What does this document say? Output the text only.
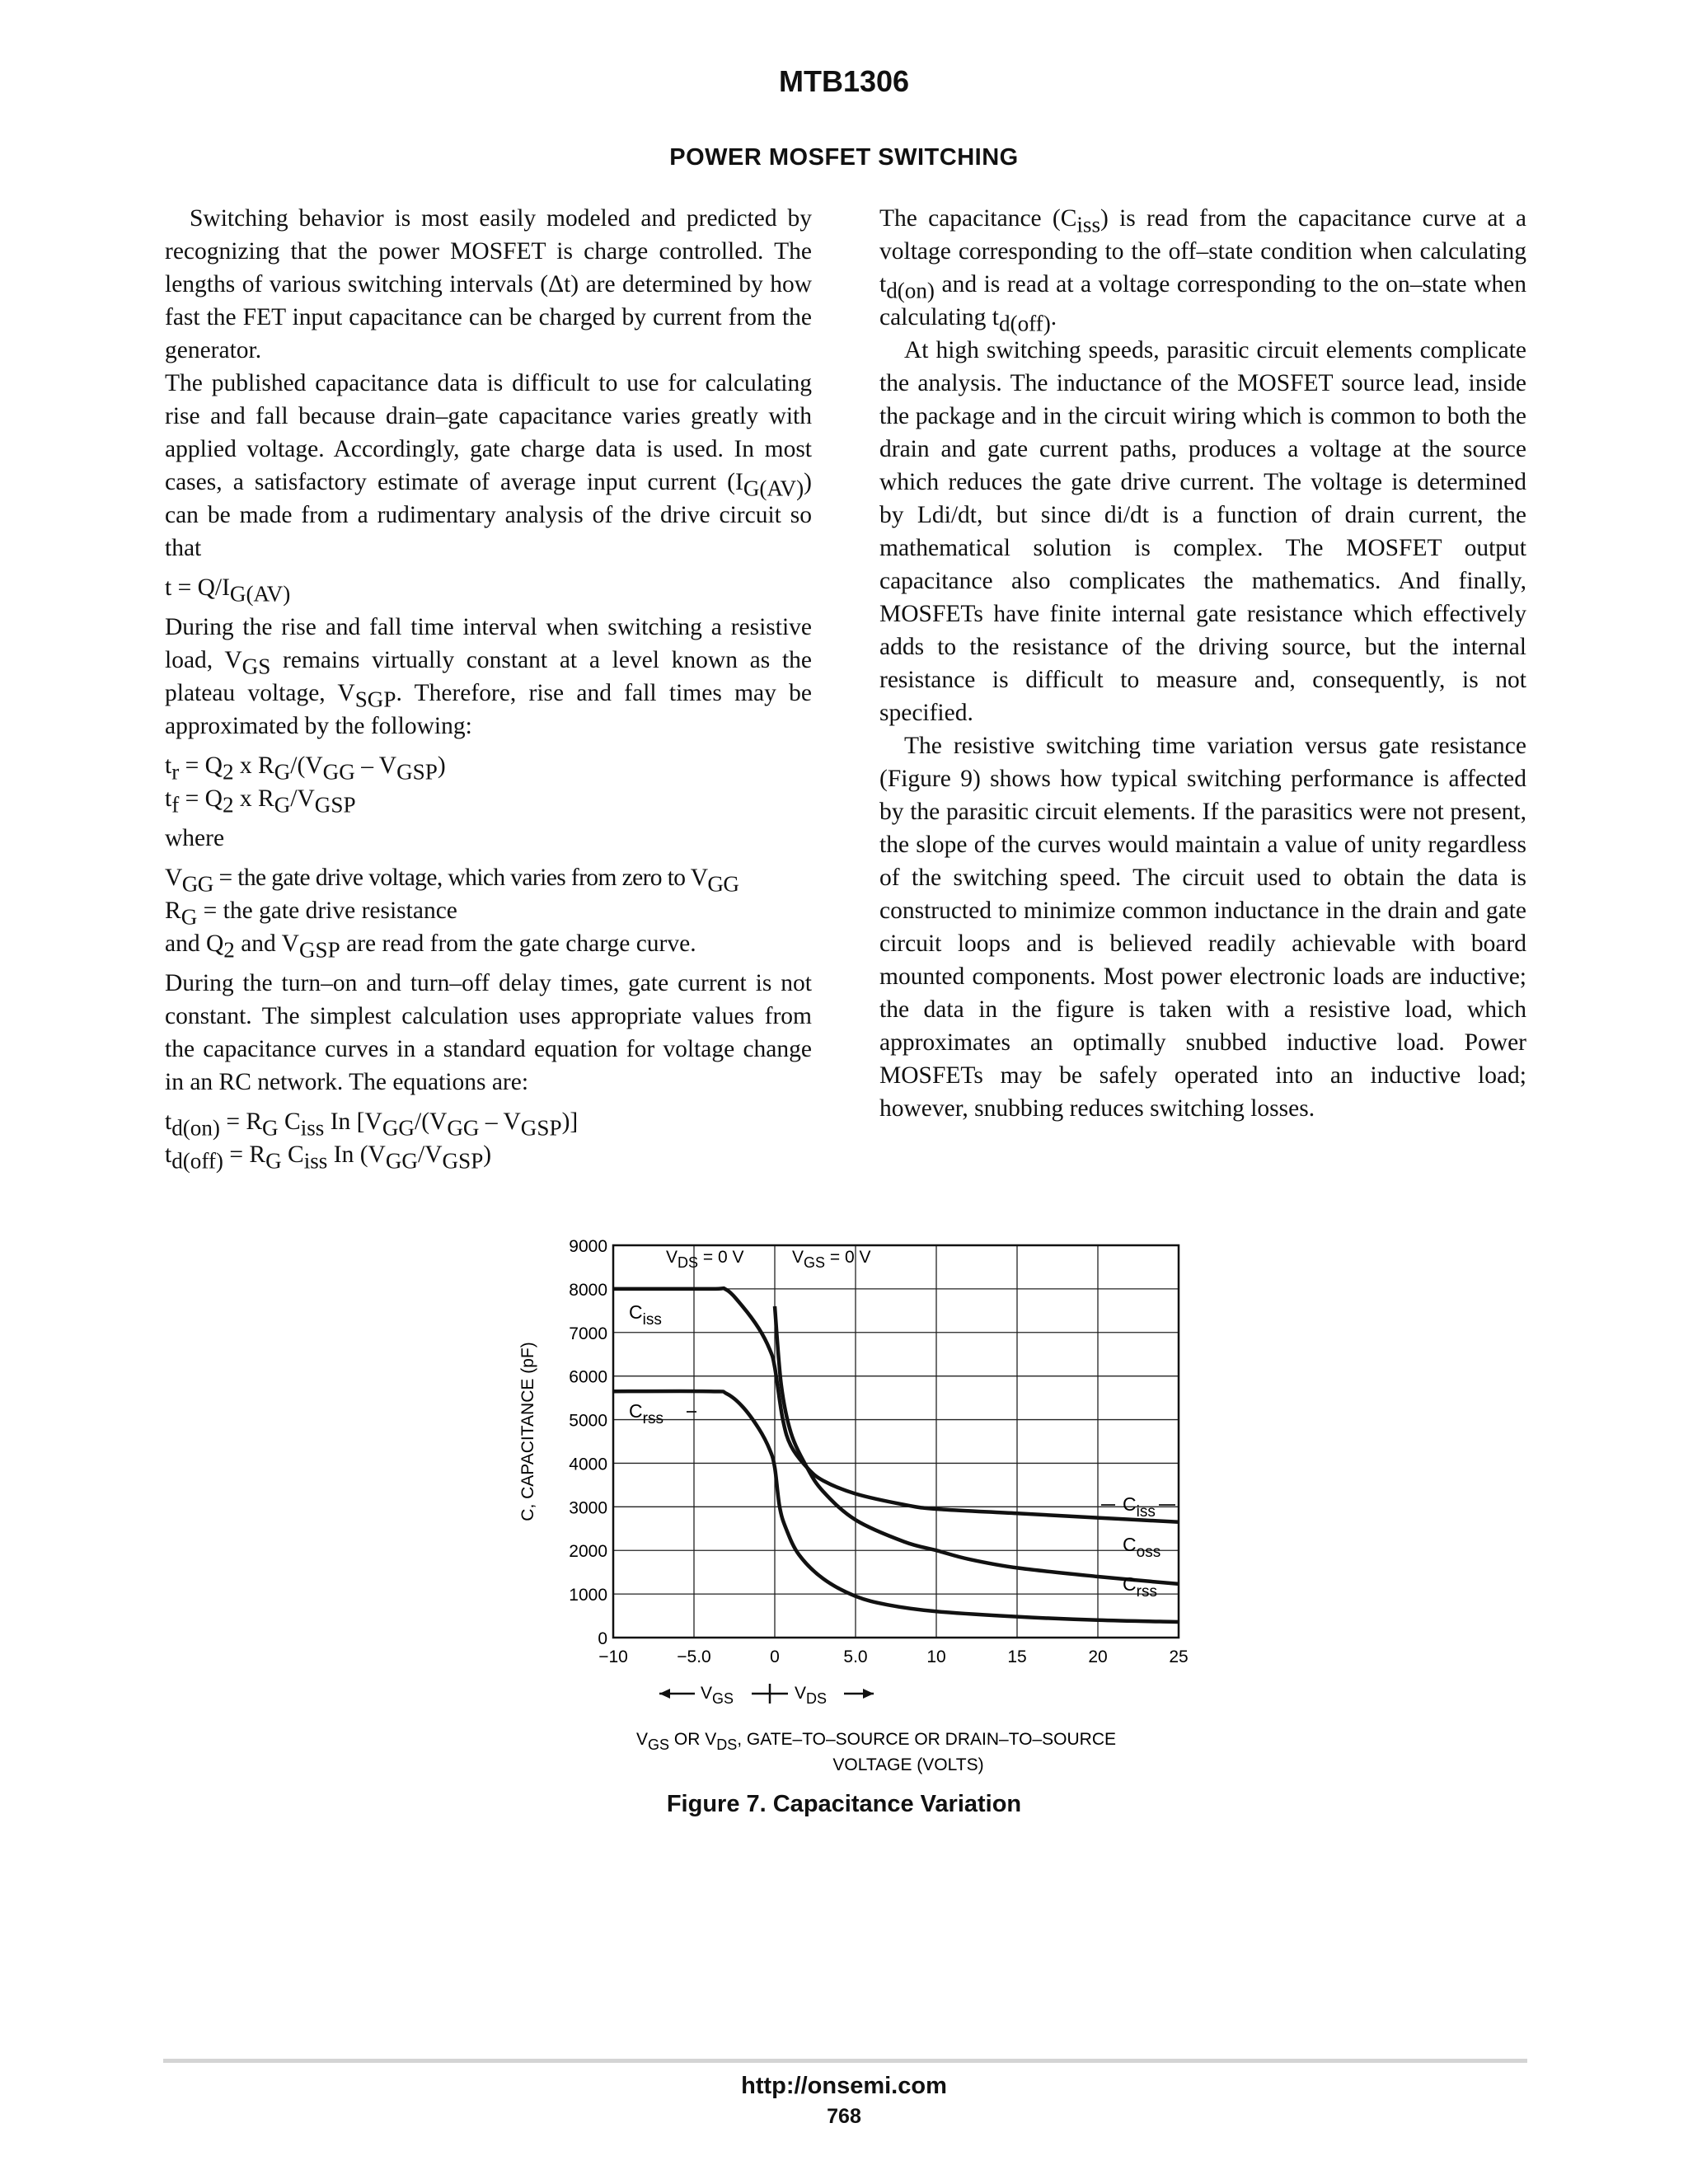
MTB1306
POWER MOSFET SWITCHING

Switching behavior is most easily modeled and predicted by recognizing that the power MOSFET is charge controlled. The lengths of various switching intervals (Δt) are determined by how fast the FET input capacitance can be charged by current from the generator.

The published capacitance data is difficult to use for calculating rise and fall because drain–gate capacitance varies greatly with applied voltage. Accordingly, gate charge data is used. In most cases, a satisfactory estimate of average input current $(I_{G(AV)})$ can be made from a rudimentary analysis of the drive circuit so that

$t = Q/I_{G(AV)}$

During the rise and fall time interval when switching a resistive load, $V_{GS}$ remains virtually constant at a level known as the plateau voltage, $V_{SGP}$. Therefore, rise and fall times may be approximated by the following:

$t_r = Q_2$ x $R_G/(V_{GG} - V_{GSP})$

$t_f = Q_2$ x $R_G/V_{GSP}$

where

$V_{GG}$ = the gate drive voltage, which varies from zero to $V_{GG}$

$R_G$ = the gate drive resistance

and $Q_2$ and $V_{GSP}$ are read from the gate charge curve.

During the turn–on and turn–off delay times, gate current is not constant. The simplest calculation uses appropriate values from the capacitance curves in a standard equation for voltage change in an RC network. The equations are:

$t_{d(on)} = R_G$ $C_{iss}$ In $[V_{GG}/(V_{GG} - V_{GSP})]$

$t_{d(off)} = R_G$ $C_{iss}$ In $(V_{GG}/V_{GSP})$

The capacitance $(C_{iss})$ is read from the capacitance curve at a voltage corresponding to the off–state condition when calculating $t_{d(on)}$ and is read at a voltage corresponding to the on–state when calculating $t_{d(off)}$.

At high switching speeds, parasitic circuit elements complicate the analysis. The inductance of the MOSFET source lead, inside the package and in the circuit wiring which is common to both the drain and gate current paths, produces a voltage at the source which reduces the gate drive current. The voltage is determined by Ldi/dt, but since di/dt is a function of drain current, the mathematical solution is complex. The MOSFET output capacitance also complicates the mathematics. And finally, MOSFETs have finite internal gate resistance which effectively adds to the resistance of the driving source, but the internal resistance is difficult to measure and, consequently, is not specified.

The resistive switching time variation versus gate resistance (Figure 9) shows how typical switching performance is affected by the parasitic circuit elements. If the parasitics were not present, the slope of the curves would maintain a value of unity regardless of the switching speed. The circuit used to obtain the data is constructed to minimize common inductance in the drain and gate circuit loops and is believed readily achievable with board mounted components. Most power electronic loads are inductive; the data in the figure is taken with a resistive load, which approximates an optimally snubbed inductive load. Power MOSFETs may be safely operated into an inductive load; however, snubbing reduces switching losses.

−10	−5.0	0	5.0	10	15	20	25
0
1000
2000
3000
4000
5000
6000
7000
8000
9000
$C_{iss}$
$C_{rss}$
$C_{iss}$
$C_{oss}$
$C_{rss}$
C, CAPACITANCE (pF)
VDS = 0 V	VGS = 0 V
VGS	VDS
VGS OR VDS, GATE–TO–SOURCE OR DRAIN–TO–SOURCE
VOLTAGE (VOLTS)
Figure 7. Capacitance Variation
http://onsemi.com
768
